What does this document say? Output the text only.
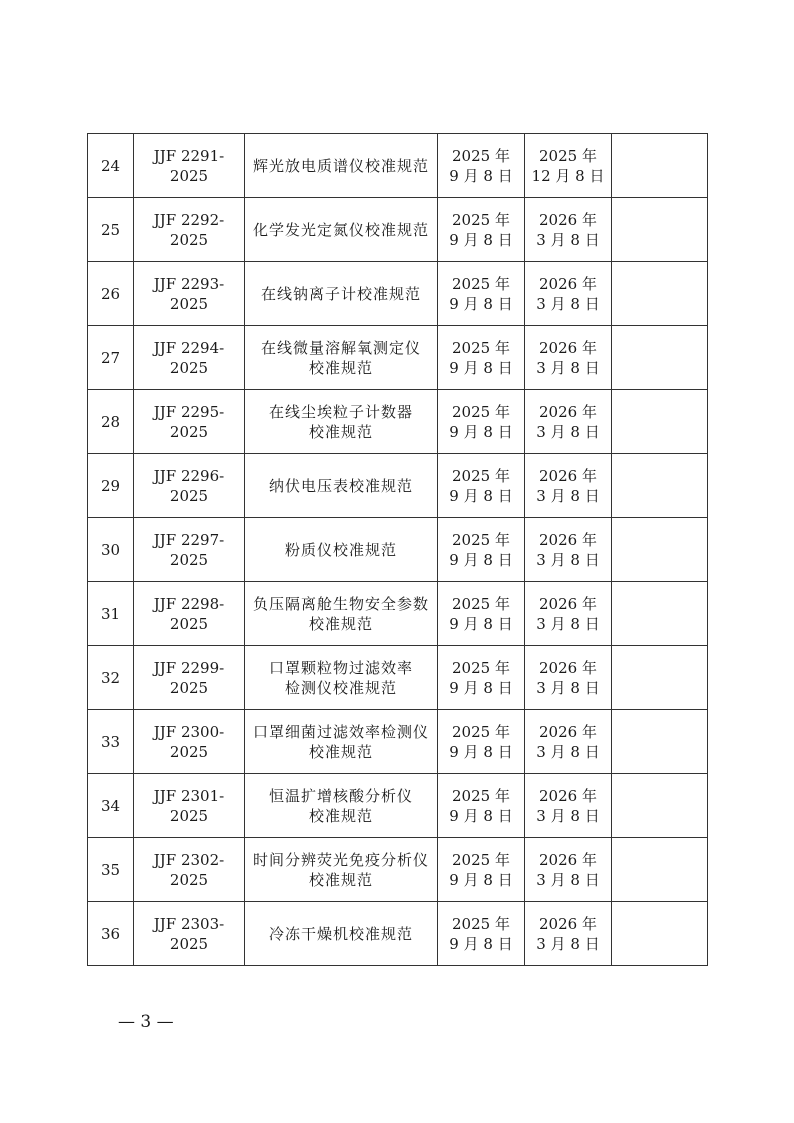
24	JJF 2291-2025	辉光放电质谱仪校准规范	2025 年
9 月 8 日	2025 年
12 月 8 日	

25	JJF 2292-2025	化学发光定氮仪校准规范	2025 年
9 月 8 日	2026 年
3 月 8 日	

26	JJF 2293-2025	在线钠离子计校准规范	2025 年
9 月 8 日	2026 年
3 月 8 日	

27	JJF 2294-2025	在线微量溶解氧测定仪
校准规范	2025 年
9 月 8 日	2026 年
3 月 8 日	

28	JJF 2295-2025	在线尘埃粒子计数器
校准规范	2025 年
9 月 8 日	2026 年
3 月 8 日	

29	JJF 2296-2025	纳伏电压表校准规范	2025 年
9 月 8 日	2026 年
3 月 8 日	

30	JJF 2297-2025	粉质仪校准规范	2025 年
9 月 8 日	2026 年
3 月 8 日	

31	JJF 2298-2025	负压隔离舱生物安全参数
校准规范	2025 年
9 月 8 日	2026 年
3 月 8 日	

32	JJF 2299-2025	口罩颗粒物过滤效率
检测仪校准规范	2025 年
9 月 8 日	2026 年
3 月 8 日	

33	JJF 2300-2025	口罩细菌过滤效率检测仪
校准规范	2025 年
9 月 8 日	2026 年
3 月 8 日	

34	JJF 2301-2025	恒温扩增核酸分析仪
校准规范	2025 年
9 月 8 日	2026 年
3 月 8 日	

35	JJF 2302-2025	时间分辨荧光免疫分析仪
校准规范	2025 年
9 月 8 日	2026 年
3 月 8 日	

36	JJF 2303-2025	冷冻干燥机校准规范	2025 年
9 月 8 日	2026 年
3 月 8 日	

— 3 —
